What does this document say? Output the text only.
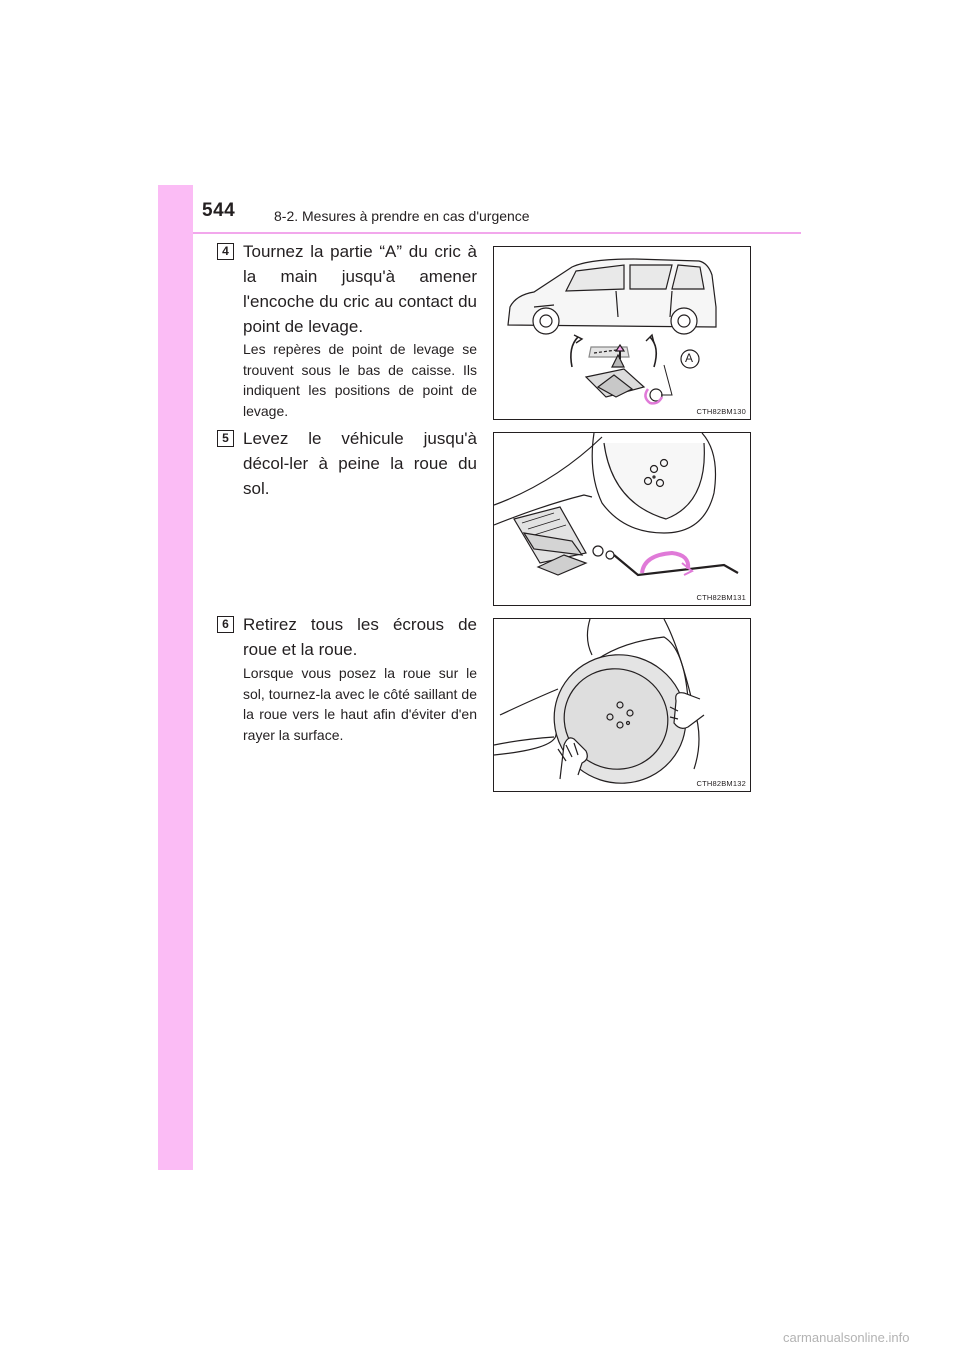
544	8-2. Mesures à prendre en cas d'urgence
4 Tournez la partie “A” du cric à la main jusqu'à amener l'encoche du cric au contact du point de levage.
Les repères de point de levage se trouvent sous le bas de caisse. Ils indiquent les positions de point de levage.
A
CTH82BM130
5 Levez le véhicule jusqu'à décol-ler à peine la roue du sol.
CTH82BM131
6 Retirez tous les écrous de roue et la roue.
Lorsque vous posez la roue sur le sol, tournez-la avec le côté saillant de la roue vers le haut afin d'éviter d'en rayer la surface.
CTH82BM132
carmanualsonline.info
